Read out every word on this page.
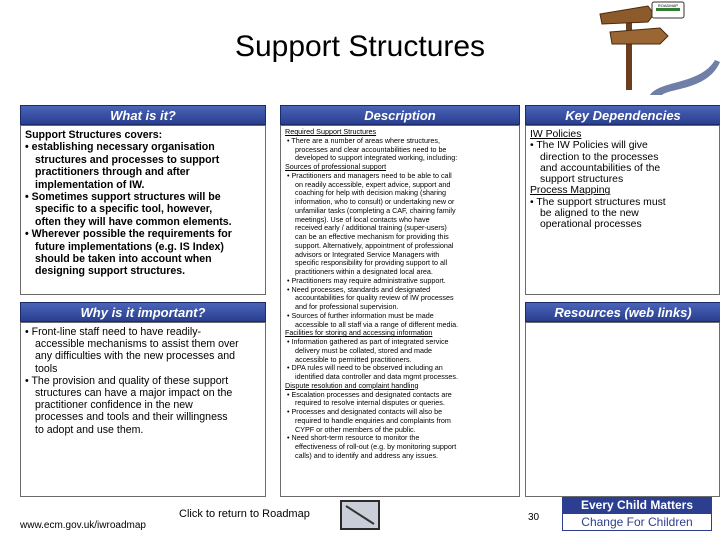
Support Structures
ROADMAP
What is it?
Support Structures covers:
• establishing necessary organisation
structures and processes to support
practitioners through and after
implementation of IW.
• Sometimes support structures will be
specific to a specific tool, however,
often they will have common elements.
• Wherever possible the requirements for
future implementations (e.g. IS Index)
should be taken into account when
designing support structures.
Why is it important?
• Front-line staff need to have readily-
accessible mechanisms to assist them over
any difficulties with the new processes and
tools
• The provision and quality of these support
structures can have a major impact on the
practitioner confidence in the new
processes and tools and their willingness
to adopt and use them.
Description
Required Support Structures
• There are a number of areas where structures,
processes and clear accountabilities need to be
developed to support integrated working, including:
Sources of professional support
• Practitioners and managers need to be able to call
on readily accessible, expert advice, support and
coaching for help with decision making (sharing
information, who to consult) or undertaking new or
unfamiliar tasks (completing a CAF, chairing family
meetings). Use of local contacts who have
received early / additional training (super-users)
can be an effective mechanism for providing this
support. Alternatively, appointment of professional
advisors or Integrated Service Managers with
specific responsibility for providing support to all
practitioners within a designated local area.
• Practitioners may require administrative support.
• Need processes, standards and designated
accountabilities for quality review of IW processes
and for professional supervision.
• Sources of further information must be made
accessible to all staff via a range of different media.
Facilities for storing and accessing information
• Information gathered as part of integrated service
delivery must be collated, stored and made
accessible to permitted practitioners.
• DPA rules will need to be observed including an
identified data controller and data mgmt processes.
Dispute resolution and complaint handling
• Escalation processes and designated contacts are
required to resolve internal disputes or queries.
• Processes and designated contacts will also be
required to handle enquiries and complaints from
CYPF or other members of the public.
• Need short-term resource to monitor the
effectiveness of roll-out (e.g. by monitoring support
calls) and to identify and address any issues.
Key Dependencies
IW Policies
• The IW Policies will give
direction to the processes
and accountabilities of the
support structures
Process Mapping
• The support structures must
be aligned to the new
operational processes
Resources (web links)
www.ecm.gov.uk/iwroadmap
Click to return to Roadmap	30
Every Child Matters
Change For Children
